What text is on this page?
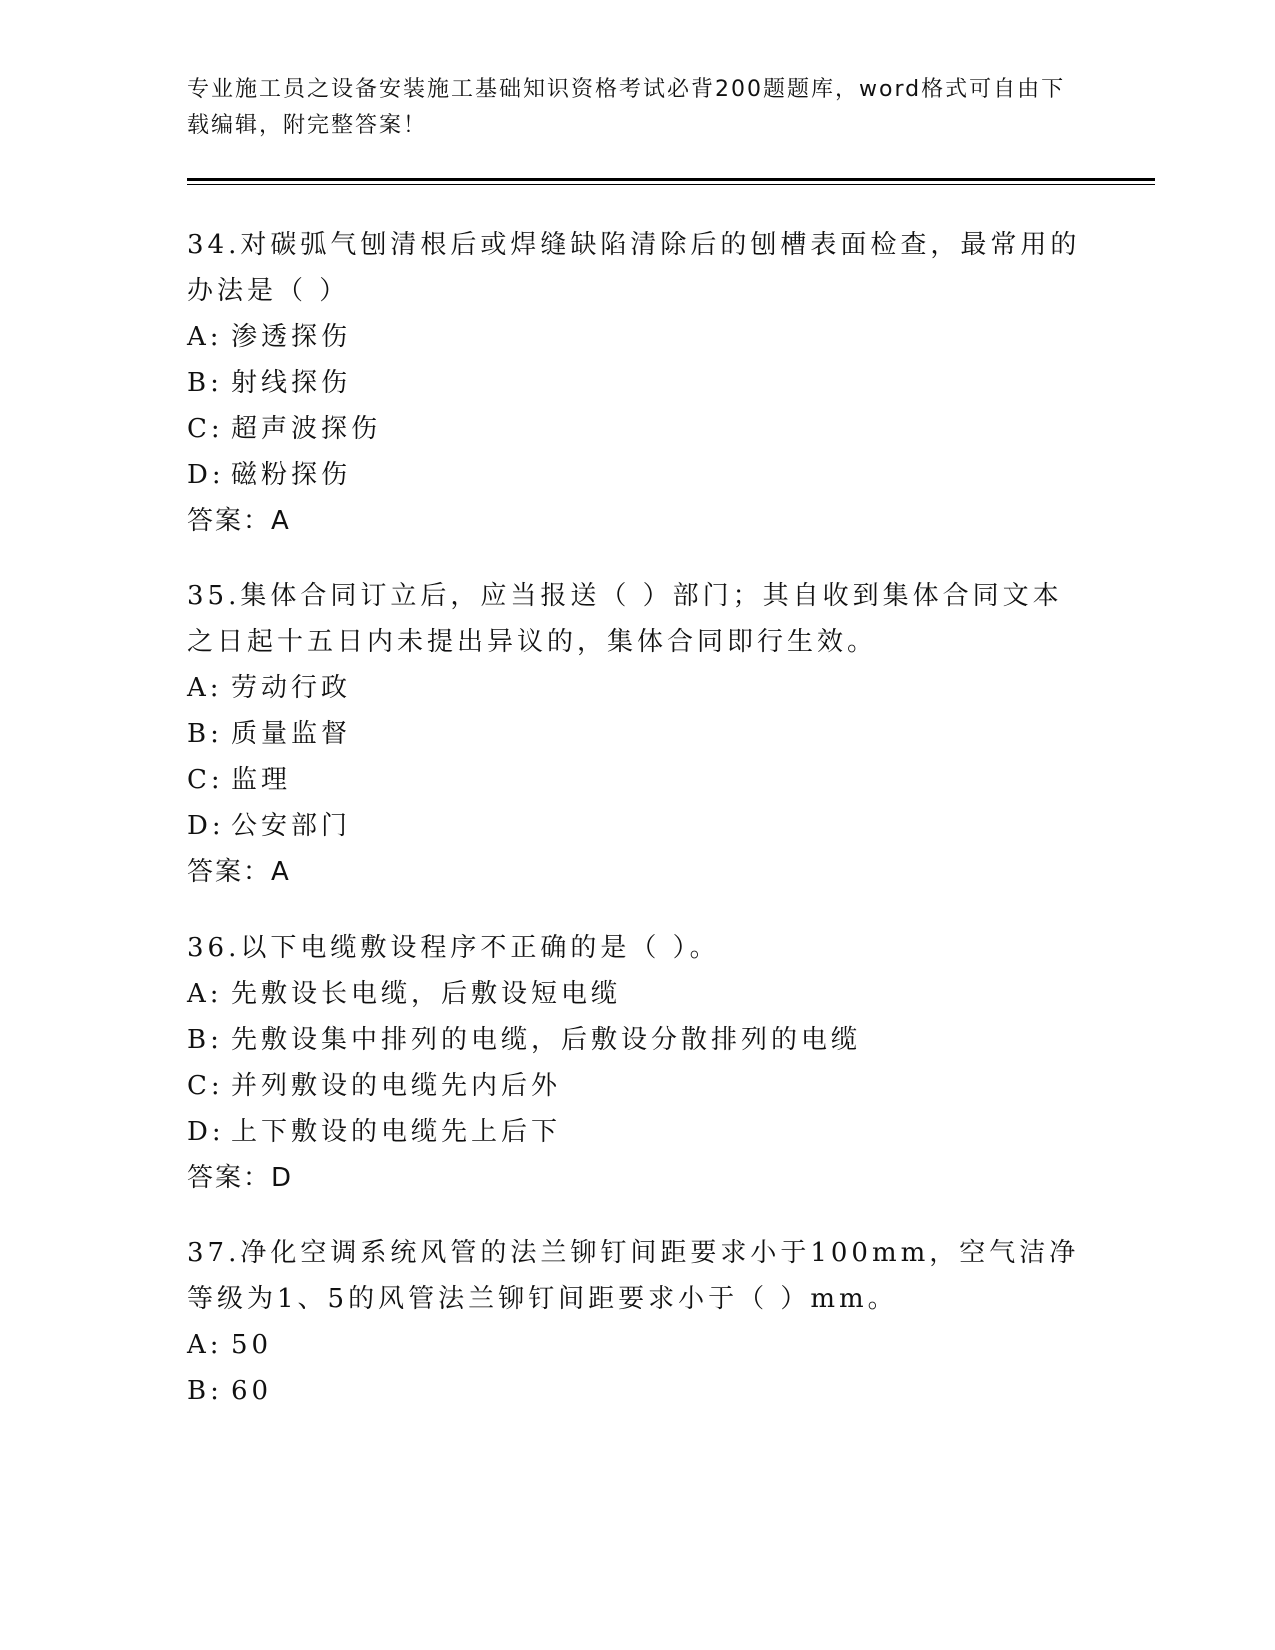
专业施工员之设备安装施工基础知识资格考试必背200题题库，word格式可自由下载编辑，附完整答案！

34.对碳弧气刨清根后或焊缝缺陷清除后的刨槽表面检查，最常用的办法是（ ）

A: 渗透探伤

B: 射线探伤

C: 超声波探伤

D: 磁粉探伤

答案：A

35.集体合同订立后，应当报送（ ）部门；其自收到集体合同文本之日起十五日内未提出异议的，集体合同即行生效。

A: 劳动行政

B: 质量监督

C: 监理

D: 公安部门

答案：A

36.以下电缆敷设程序不正确的是（ ）。

A: 先敷设长电缆，后敷设短电缆

B: 先敷设集中排列的电缆，后敷设分散排列的电缆

C: 并列敷设的电缆先内后外

D: 上下敷设的电缆先上后下

答案：D

37.净化空调系统风管的法兰铆钉间距要求小于100mm，空气洁净等级为1、5的风管法兰铆钉间距要求小于（ ）mm。

A: 50

B: 60
